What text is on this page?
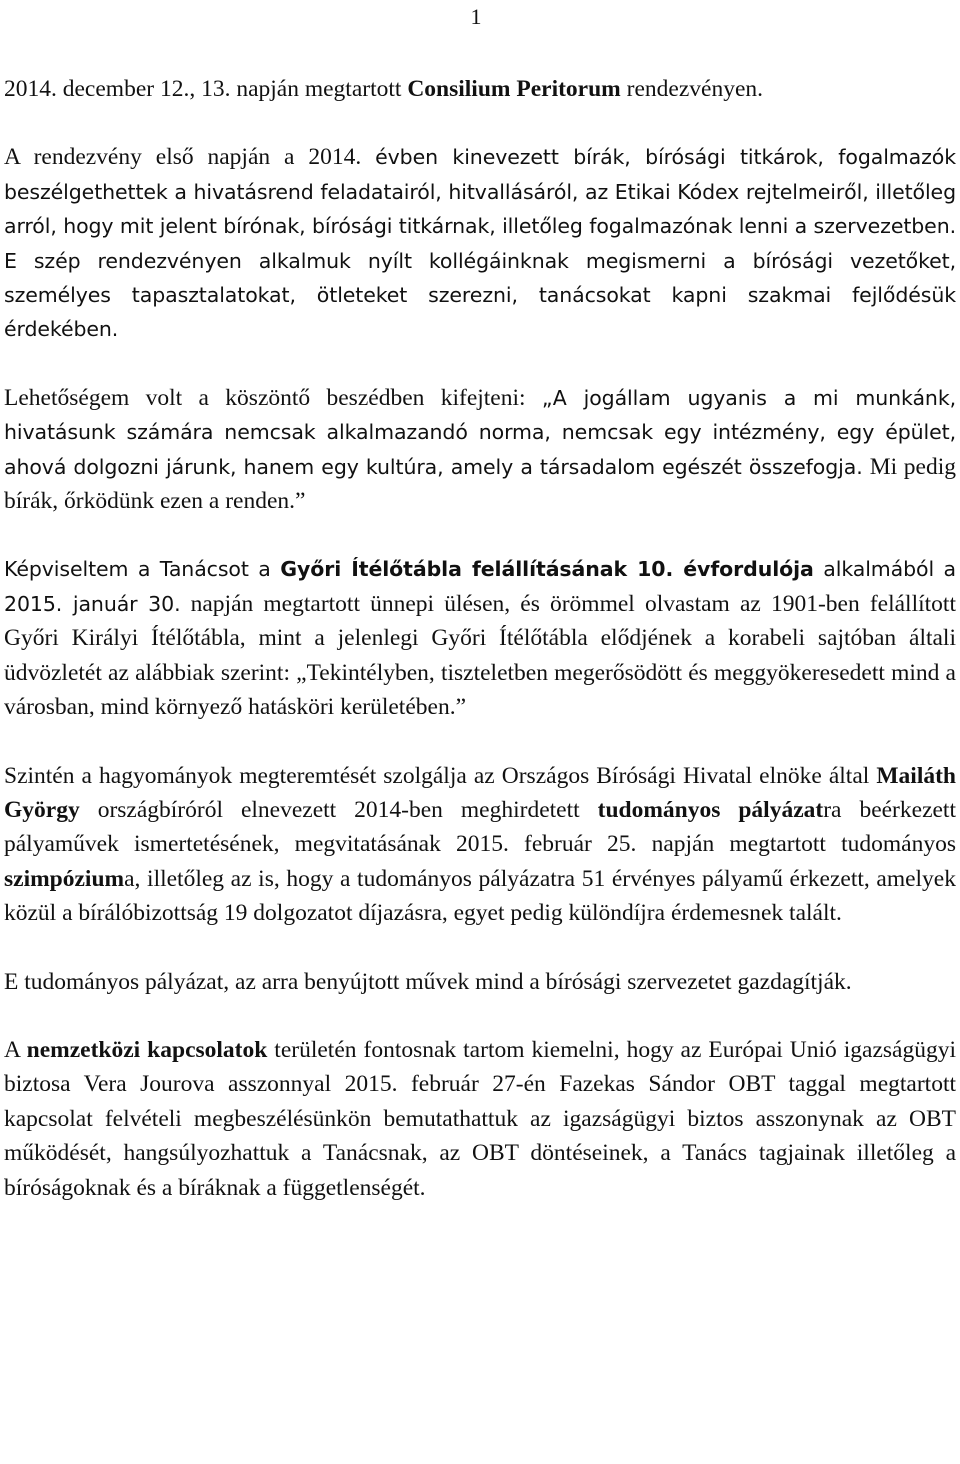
1

2014. december 12., 13. napján megtartott Consilium Peritorum rendezvényen.

A rendezvény első napján a 2014. évben kinevezett bírák, bírósági titkárok, fogalmazók beszélgethettek a hivatásrend feladatairól, hitvallásáról, az Etikai Kódex rejtelmeiről, illetőleg arról, hogy mit jelent bírónak, bírósági titkárnak, illetőleg fogalmazónak lenni a szervezetben. E szép rendezvényen alkalmuk nyílt kollégáinknak megismerni a bírósági vezetőket, személyes tapasztalatokat, ötleteket szerezni, tanácsokat kapni szakmai fejlődésük érdekében.

Lehetőségem volt a köszöntő beszédben kifejteni: „A jogállam ugyanis a mi munkánk, hivatásunk számára nemcsak alkalmazandó norma, nemcsak egy intézmény, egy épület, ahová dolgozni járunk, hanem egy kultúra, amely a társadalom egészét összefogja. Mi pedig bírák, őrködünk ezen a renden.”

Képviseltem a Tanácsot a Győri Ítélőtábla felállításának 10. évfordulója alkalmából a 2015. január 30. napján megtartott ünnepi ülésen, és örömmel olvastam az 1901-ben felállított Győri Királyi Ítélőtábla, mint a jelenlegi Győri Ítélőtábla elődjének a korabeli sajtóban általi üdvözletét az alábbiak szerint: „Tekintélyben, tiszteletben megerősödött és meggyökeresedett mind a városban, mind környező hatásköri kerületében.”

Szintén a hagyományok megteremtését szolgálja az Országos Bírósági Hivatal elnöke által Mailáth György országbíróról elnevezett 2014-ben meghirdetett tudományos pályázatra beérkezett pályaművek ismertetésének, megvitatásának 2015. február 25. napján megtartott tudományos szimpóziuma, illetőleg az is, hogy a tudományos pályázatra 51 érvényes pályamű érkezett, amelyek közül a bírálóbizottság 19 dolgozatot díjazásra, egyet pedig különdíjra érdemesnek talált.

E tudományos pályázat, az arra benyújtott művek mind a bírósági szervezetet gazdagítják.

A nemzetközi kapcsolatok területén fontosnak tartom kiemelni, hogy az Európai Unió igazságügyi biztosa Vera Jourova asszonnyal 2015. február 27-én Fazekas Sándor OBT taggal megtartott kapcsolat felvételi megbeszélésünkön bemutathattuk az igazságügyi biztos asszonynak az OBT működését, hangsúlyozhattuk a Tanácsnak, az OBT döntéseinek, a Tanács tagjainak illetőleg a bíróságoknak és a bíráknak a függetlenségét.
